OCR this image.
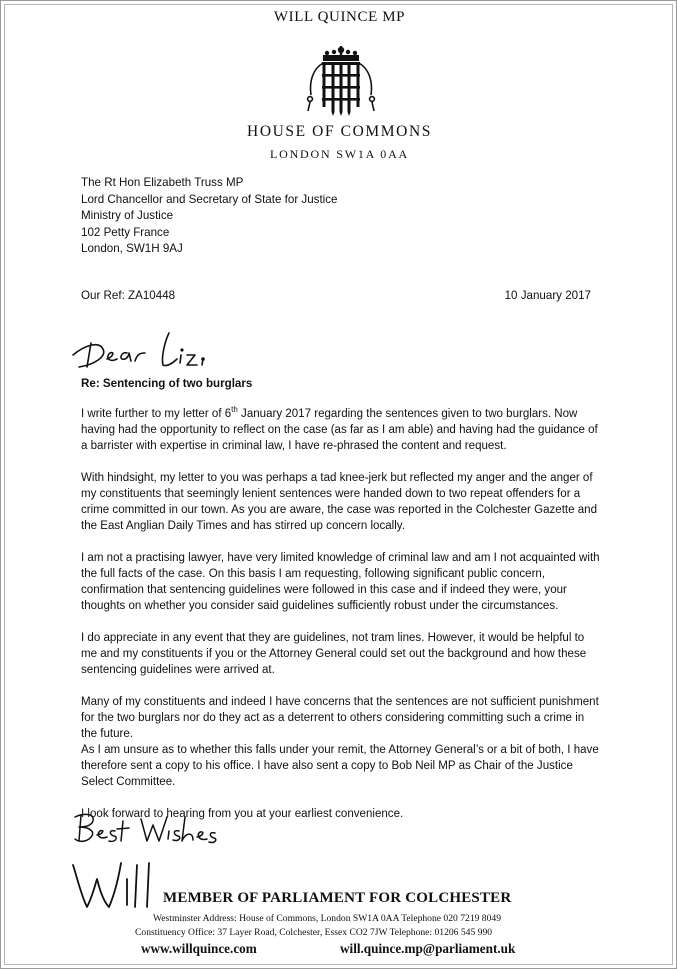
WILL QUINCE MP
HOUSE OF COMMONS
LONDON SW1A 0AA
The Rt Hon Elizabeth Truss MP
Lord Chancellor and Secretary of State for Justice
Ministry of Justice
102 Petty France
London, SW1H 9AJ
Our Ref: ZA10448	10 January 2017
Re: Sentencing of two burglars

I write further to my letter of 6th January 2017 regarding the sentences given to two burglars. Now having had the opportunity to reflect on the case (as far as I am able) and having had the guidance of a barrister with expertise in criminal law, I have re-phrased the content and request.

With hindsight, my letter to you was perhaps a tad knee-jerk but reflected my anger and the anger of my constituents that seemingly lenient sentences were handed down to two repeat offenders for a crime committed in our town. As you are aware, the case was reported in the Colchester Gazette and the East Anglian Daily Times and has stirred up concern locally.

I am not a practising lawyer, have very limited knowledge of criminal law and am I not acquainted with the full facts of the case. On this basis I am requesting, following significant public concern, confirmation that sentencing guidelines were followed in this case and if indeed they were, your thoughts on whether you consider said guidelines sufficiently robust under the circumstances.

I do appreciate in any event that they are guidelines, not tram lines. However, it would be helpful to me and my constituents if you or the Attorney General could set out the background and how these sentencing guidelines were arrived at.

Many of my constituents and indeed I have concerns that the sentences are not sufficient punishment for the two burglars nor do they act as a deterrent to others considering committing such a crime in the future.

As I am unsure as to whether this falls under your remit, the Attorney General’s or a bit of both, I have therefore sent a copy to his office. I have also sent a copy to Bob Neil MP as Chair of the Justice Select Committee.

I look forward to hearing from you at your earliest convenience.

MEMBER OF PARLIAMENT FOR COLCHESTER
Westminster Address: House of Commons, London SW1A 0AA Telephone 020 7219 8049
Constituency Office: 37 Layer Road, Colchester, Essex CO2 7JW Telephone: 01206 545 990
www.willquince.com	will.quince.mp@parliament.uk
